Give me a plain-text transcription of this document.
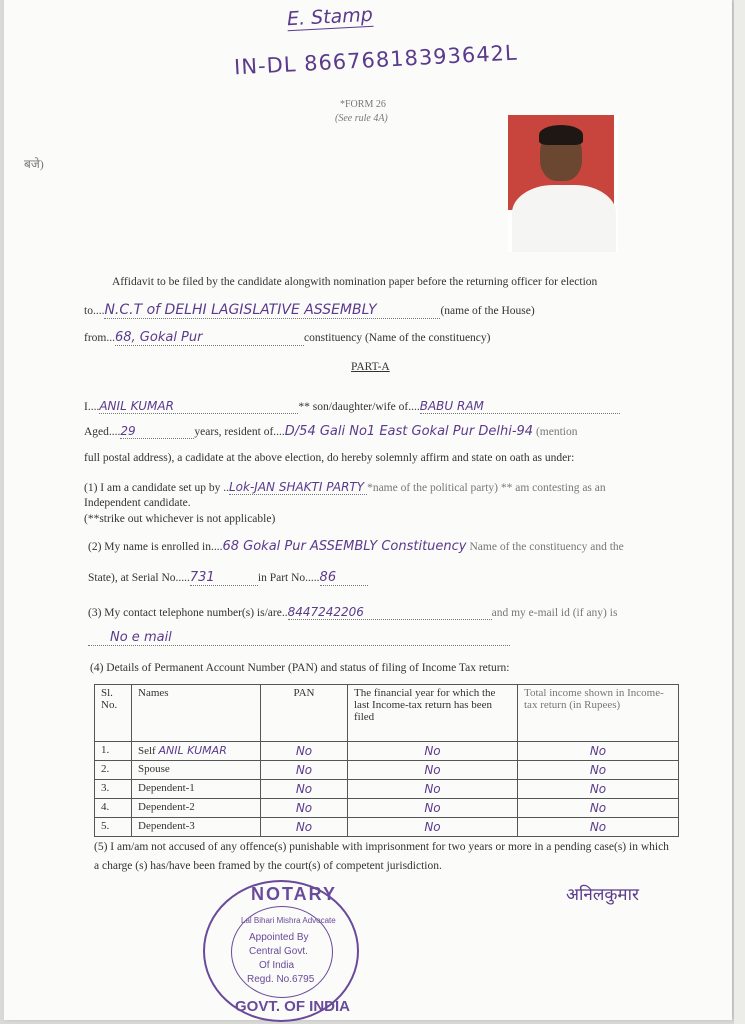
E. Stamp
IN-DL 86676818393642L
*FORM 26
(See rule 4A)
बजे)
Affidavit to be filed by the candidate alongwith nomination paper before the returning officer for election
to....N.C.T of DELHI LAGISLATIVE ASSEMBLY	(name of the House)
from...68, Gokal Pur	constituency (Name of the constituency)
PART-A
I....ANIL KUMAR	** son/daughter/wife of....BABU RAM
Aged....29	years, resident of....D/54 Gali No1 East Gokal Pur Delhi-94 (mention
full postal address), a cadidate at the above election, do hereby solemnly affirm and state on oath as under:
(1) I am a candidate set up by ..Lok-JAN SHAKTI PARTY *name of the political party) ** am contesting as an
Independent candidate.
(**strike out whichever is not applicable)
(2) My name is enrolled in....68 Gokal Pur ASSEMBLY Constituency Name of the constituency and the
State), at Serial No.....731	in Part No.....86
(3) My contact telephone number(s) is/are..8447242206	and my e-mail id (if any) is
No e mail
(4) Details of Permanent Account Number (PAN) and status of filing of Income Tax return:
Sl. No.	Names	PAN	The financial year for which the last Income-tax return has been filed	Total income shown in Income-tax return (in Rupees)
1.	Self ANIL KUMAR	No	No	No
2.	Spouse	No	No	No
3.	Dependent-1	No	No	No
4.	Dependent-2	No	No	No
5.	Dependent-3	No	No	No
(5) I am/am not accused of any offence(s) punishable with imprisonment for two years or more in a pending case(s) in which
a charge (s) has/have been framed by the court(s) of competent jurisdiction.
अनिलकुमार
NOTARY
Lal Bihari Mishra Advocate
Appointed By
Central Govt.
Of India
Regd. No.6795
GOVT. OF INDIA
